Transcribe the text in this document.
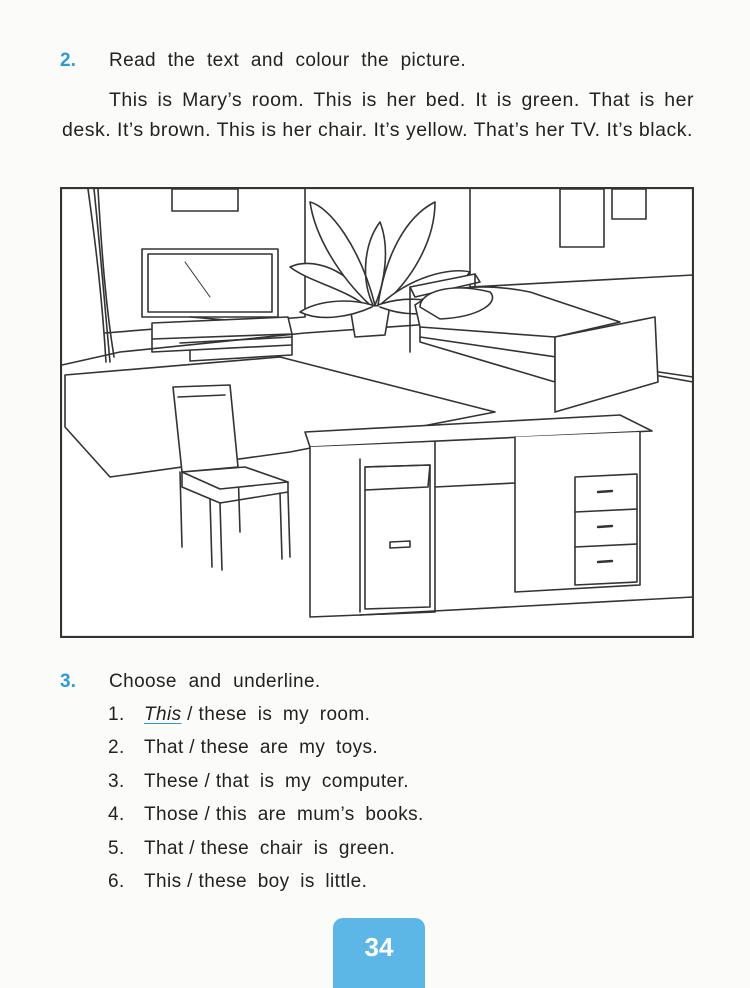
2. Read the text and colour the picture.

This is Mary’s room. This is her bed. It is green. That is her desk. It’s brown. This is her chair. It’s yellow. That’s her TV. It’s black.

3. Choose and underline.
1. This / these is my room.
2. That / these are my toys.
3. These / that is my computer.
4. Those / this are mum’s books.
5. That / these chair is green.
6. This / these boy is little.
34
